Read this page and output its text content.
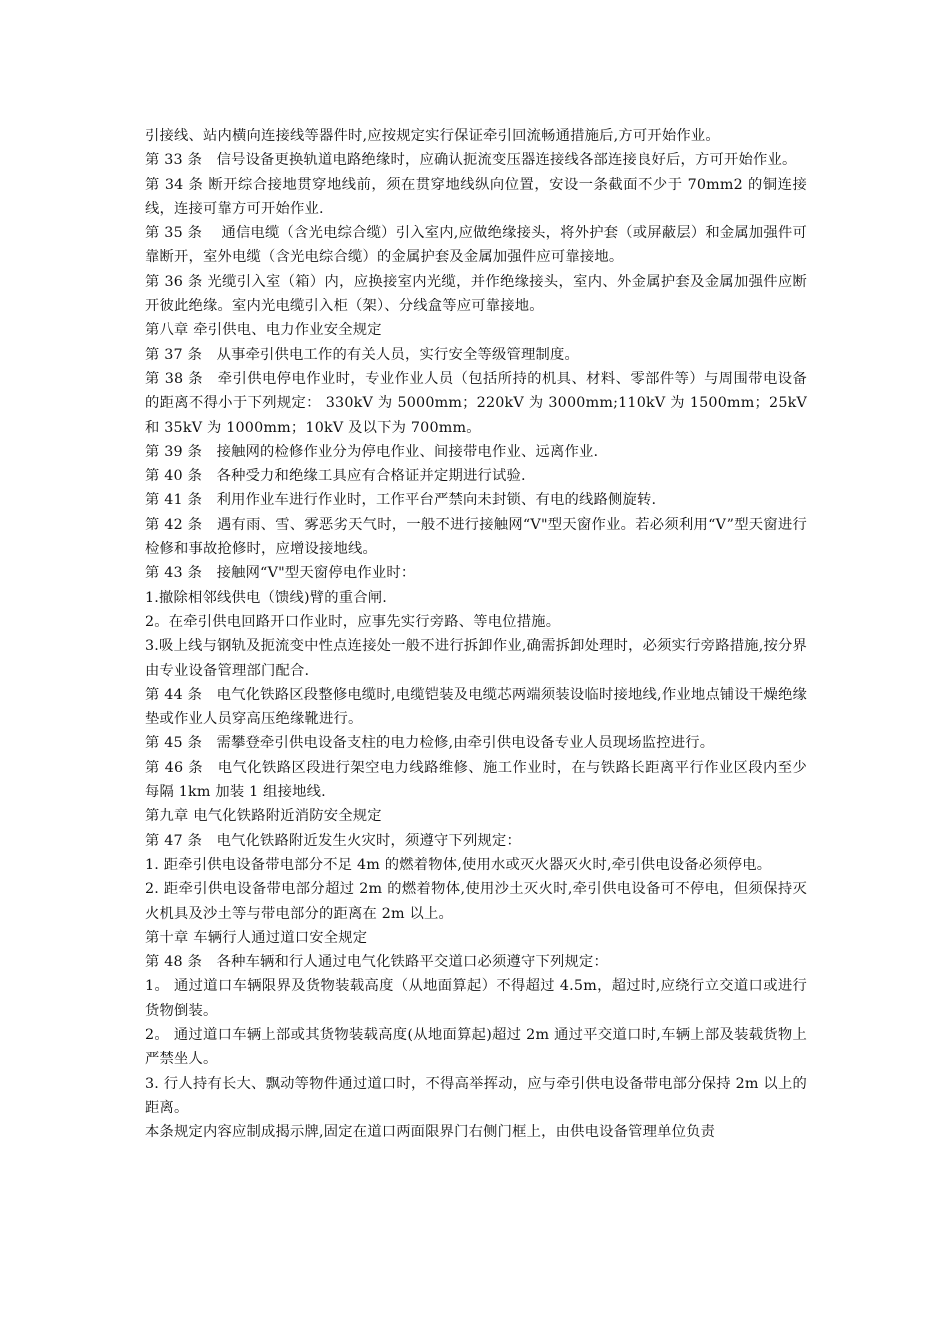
引接线、站内横向连接线等器件时,应按规定实行保证牵引回流畅通措施后,方可开始作业。

第 33 条　信号设备更换轨道电路绝缘时，应确认扼流变压器连接线各部连接良好后，方可开始作业。

第 34 条 断开综合接地贯穿地线前，须在贯穿地线纵向位置，安设一条截面不少于 70mm2 的铜连接线，连接可靠方可开始作业.

第 35 条　 通信电缆（含光电综合缆）引入室内,应做绝缘接头，将外护套（或屏蔽层）和金属加强件可靠断开，室外电缆（含光电综合缆）的金属护套及金属加强件应可靠接地。

第 36 条 光缆引入室（箱）内，应换接室内光缆，并作绝缘接头，室内、外金属护套及金属加强件应断开彼此绝缘。室内光电缆引入柜（架）、分线盒等应可靠接地。

第八章 牵引供电、电力作业安全规定

第 37 条　从事牵引供电工作的有关人员，实行安全等级管理制度。

第 38 条　牵引供电停电作业时，专业作业人员（包括所持的机具、材料、零部件等）与周围带电设备的距离不得小于下列规定： 330kV 为 5000mm；220kV 为 3000mm;110kV 为 1500mm；25kV 和 35kV 为 1000mm；10kV 及以下为 700mm。

第 39 条　接触网的检修作业分为停电作业、间接带电作业、远离作业.

第 40 条　各种受力和绝缘工具应有合格证并定期进行试验.

第 41 条　利用作业车进行作业时，工作平台严禁向未封锁、有电的线路侧旋转.

第 42 条　遇有雨、雪、雾恶劣天气时，一般不进行接触网“V"型天窗作业。若必须利用“V”型天窗进行检修和事故抢修时，应增设接地线。

第 43 条　接触网“V"型天窗停电作业时：

1.撤除相邻线供电（馈线)臂的重合闸.

2。在牵引供电回路开口作业时，应事先实行旁路、等电位措施。

3.吸上线与钢轨及扼流变中性点连接处一般不进行拆卸作业,确需拆卸处理时，必须实行旁路措施,按分界由专业设备管理部门配合.

第 44 条　电气化铁路区段整修电缆时,电缆铠装及电缆芯两端须装设临时接地线,作业地点铺设干燥绝缘垫或作业人员穿高压绝缘靴进行。

第 45 条　需攀登牵引供电设备支柱的电力检修,由牵引供电设备专业人员现场监控进行。

第 46 条　电气化铁路区段进行架空电力线路维修、施工作业时，在与铁路长距离平行作业区段内至少每隔 1km 加装 1 组接地线.

第九章 电气化铁路附近消防安全规定

第 47 条　电气化铁路附近发生火灾时，须遵守下列规定：

1. 距牵引供电设备带电部分不足 4m 的燃着物体,使用水或灭火器灭火时,牵引供电设备必须停电。

2. 距牵引供电设备带电部分超过 2m 的燃着物体,使用沙土灭火时,牵引供电设备可不停电，但须保持灭火机具及沙土等与带电部分的距离在 2m 以上。

第十章 车辆行人通过道口安全规定

第 48 条　各种车辆和行人通过电气化铁路平交道口必须遵守下列规定：

1。 通过道口车辆限界及货物装载高度（从地面算起）不得超过 4.5m，超过时,应绕行立交道口或进行货物倒装。

2。 通过道口车辆上部或其货物装载高度(从地面算起)超过 2m 通过平交道口时,车辆上部及装载货物上严禁坐人。

3. 行人持有长大、飘动等物件通过道口时，不得高举挥动，应与牵引供电设备带电部分保持 2m 以上的距离。

本条规定内容应制成揭示牌,固定在道口两面限界门右侧门框上，由供电设备管理单位负责
